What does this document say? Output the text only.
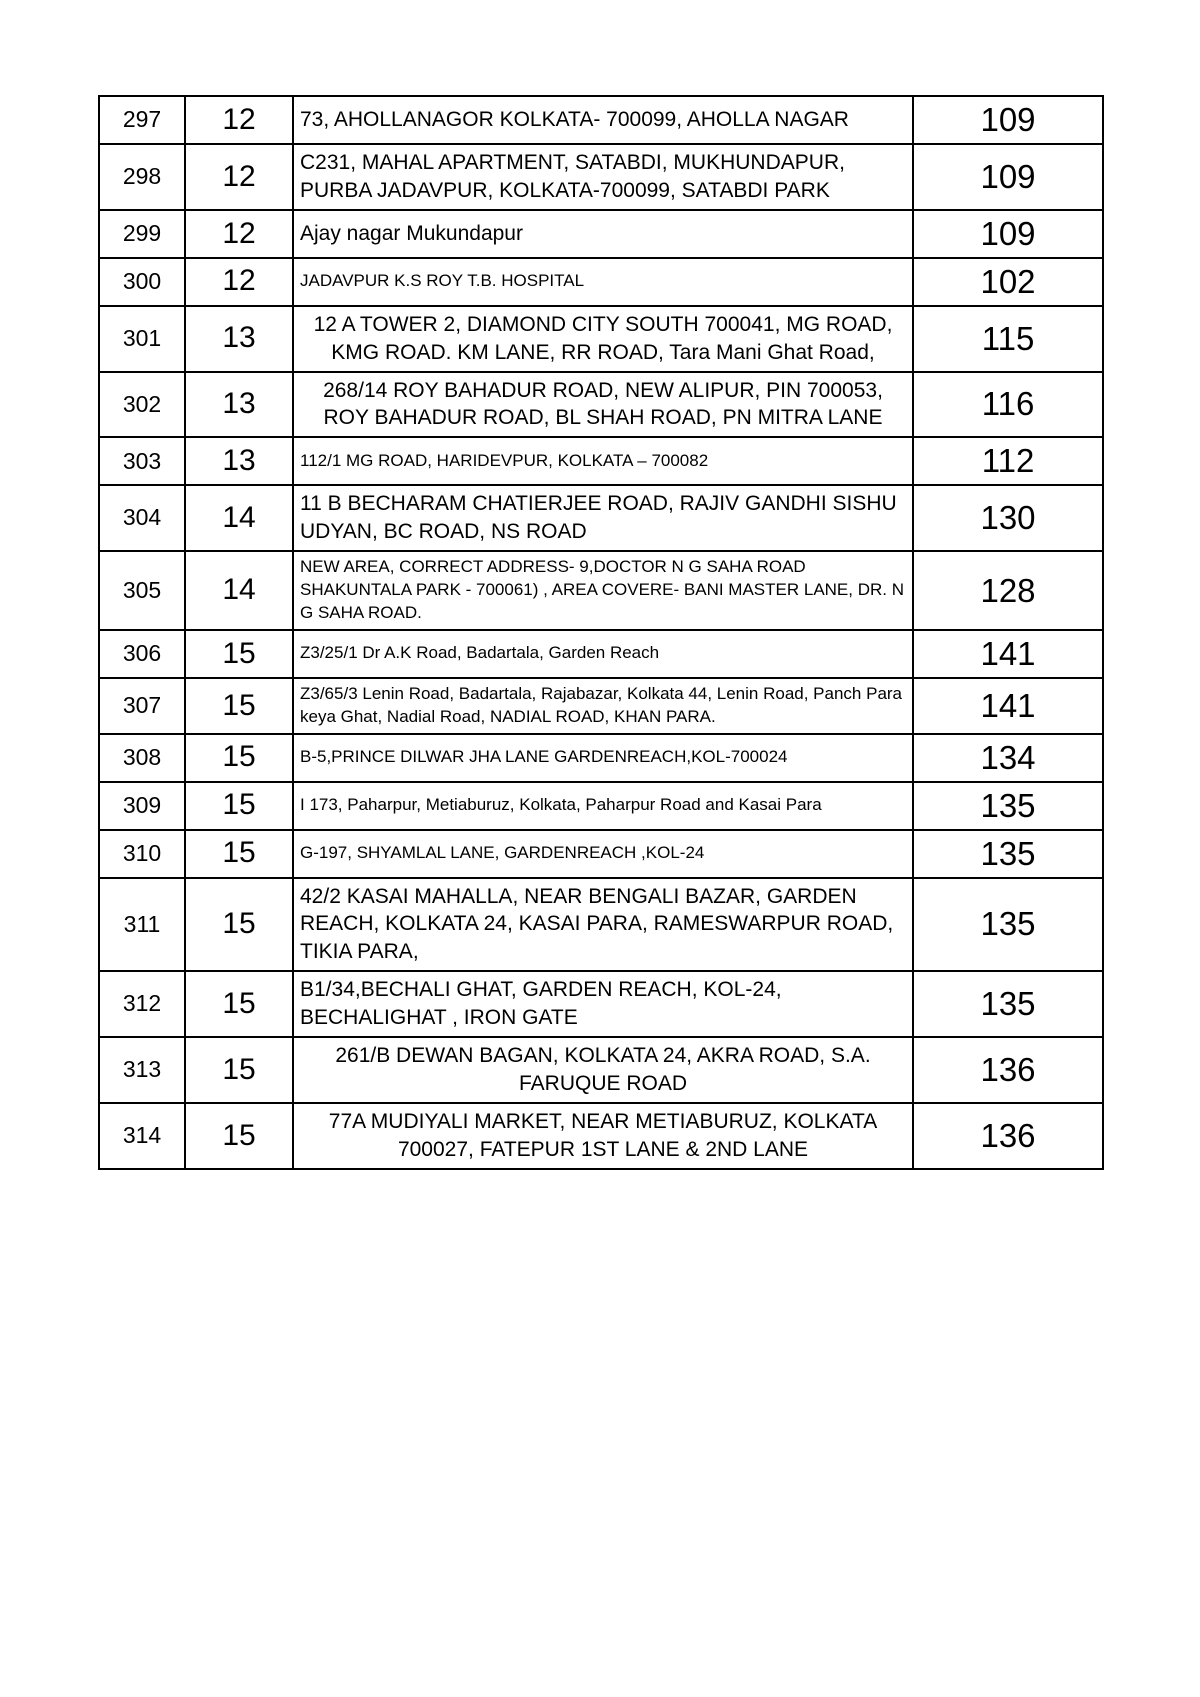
297	12	73, AHOLLANAGOR KOLKATA- 700099, AHOLLA NAGAR	109
298	12	C231, MAHAL APARTMENT, SATABDI, MUKHUNDAPUR, PURBA JADAVPUR, KOLKATA-700099, SATABDI PARK	109
299	12	Ajay nagar Mukundapur	109
300	12	JADAVPUR K.S ROY T.B. HOSPITAL	102
301	13	12 A TOWER 2, DIAMOND CITY SOUTH 700041, MG ROAD, KMG ROAD. KM LANE, RR ROAD, Tara Mani Ghat Road,	115
302	13	268/14 ROY BAHADUR ROAD, NEW ALIPUR, PIN 700053, ROY BAHADUR ROAD, BL SHAH ROAD, PN MITRA LANE	116
303	13	112/1 MG ROAD, HARIDEVPUR, KOLKATA – 700082	112
304	14	11 B BECHARAM CHATIERJEE ROAD, RAJIV GANDHI SISHU UDYAN, BC ROAD, NS ROAD	130
305	14	NEW AREA, CORRECT ADDRESS- 9,DOCTOR N G SAHA ROAD SHAKUNTALA PARK - 700061) , AREA COVERE- BANI MASTER LANE, DR. N G SAHA ROAD.	128
306	15	Z3/25/1 Dr A.K Road, Badartala, Garden Reach	141
307	15	Z3/65/3 Lenin Road, Badartala, Rajabazar, Kolkata 44, Lenin Road, Panch Para keya Ghat, Nadial Road, NADIAL ROAD, KHAN PARA.	141
308	15	B-5,PRINCE DILWAR JHA LANE GARDENREACH,KOL-700024	134
309	15	I 173, Paharpur, Metiaburuz, Kolkata, Paharpur Road and Kasai Para	135
310	15	G-197, SHYAMLAL LANE, GARDENREACH ,KOL-24	135
311	15	42/2 KASAI MAHALLA, NEAR BENGALI BAZAR, GARDEN REACH, KOLKATA 24, KASAI PARA, RAMESWARPUR ROAD, TIKIA PARA,	135
312	15	B1/34,BECHALI GHAT, GARDEN REACH, KOL-24, BECHALIGHAT , IRON GATE	135
313	15	261/B DEWAN BAGAN, KOLKATA 24, AKRA ROAD, S.A. FARUQUE ROAD	136
314	15	77A MUDIYALI MARKET, NEAR METIABURUZ, KOLKATA 700027, FATEPUR 1ST LANE & 2ND LANE	136
